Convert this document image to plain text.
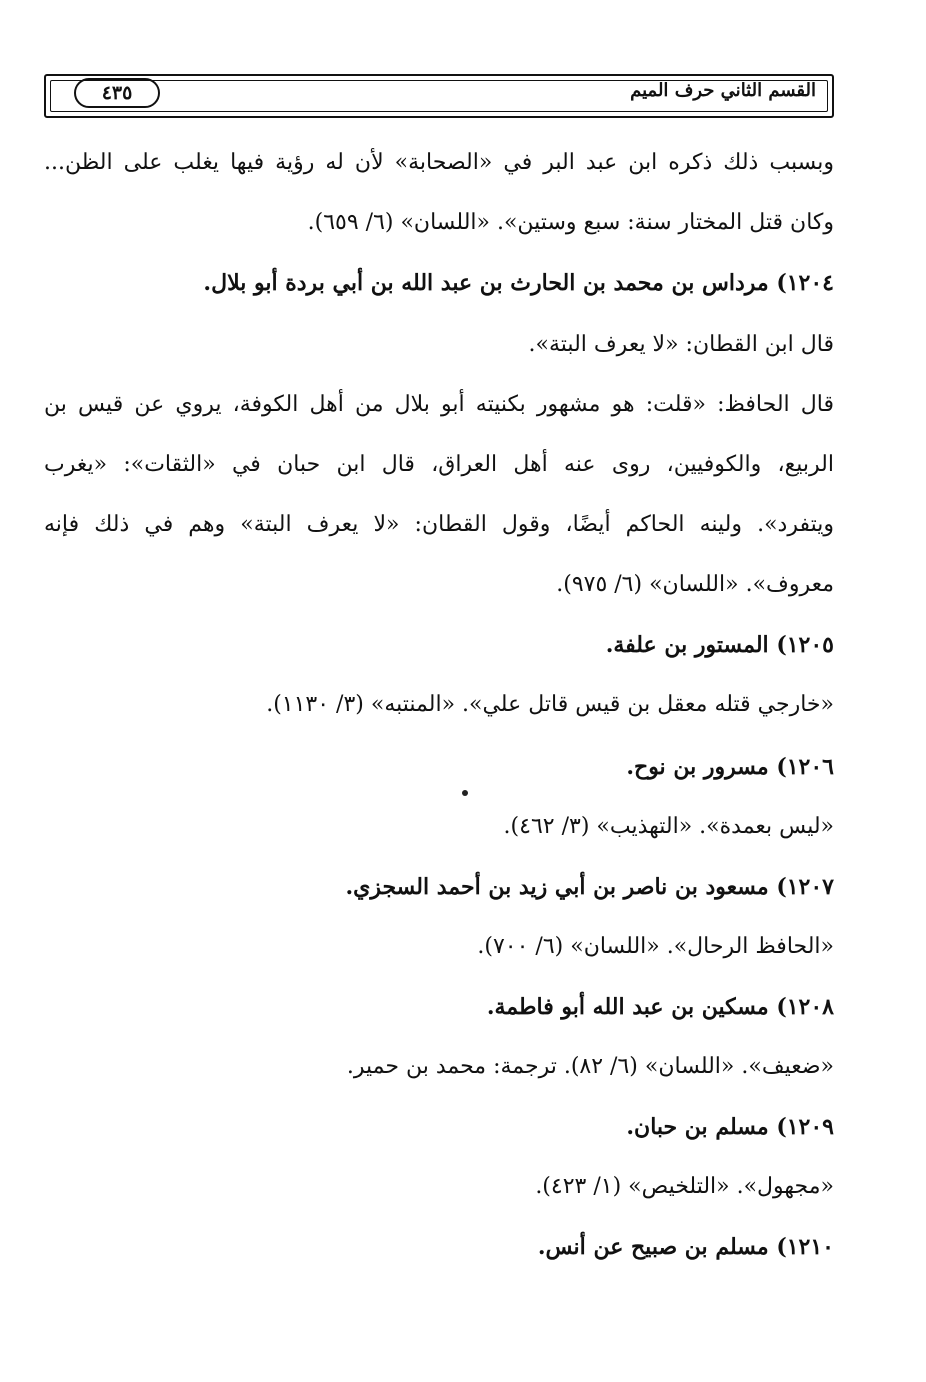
القسم الثاني حرف الميم
٤٣٥
وبسبب ذلك ذكره ابن عبد البر في «الصحابة» لأن له رؤية فيها يغلب على الظن...
وكان قتل المختار سنة: سبع وستين». «اللسان» (٦/ ٦٥٩).
١٢٠٤) مرداس بن محمد بن الحارث بن عبد الله بن أبي بردة أبو بلال.
قال ابن القطان: «لا يعرف البتة».
قال الحافظ: «قلت: هو مشهور بكنيته أبو بلال من أهل الكوفة، يروي عن قيس بن
الربيع، والكوفيين، روى عنه أهل العراق، قال ابن حبان في «الثقات»: «يغرب
ويتفرد». ولينه الحاكم أيضًا، وقول القطان: «لا يعرف البتة» وهم في ذلك فإنه
معروف». «اللسان» (٦/ ٩٧٥).
١٢٠٥) المستور بن علفة.
«خارجي قتله معقل بن قيس قاتل علي». «المنتبه» (٣/ ١١٣٠).
١٢٠٦) مسرور بن نوح.
«ليس بعمدة». «التهذيب» (٣/ ٤٦٢).
١٢٠٧) مسعود بن ناصر بن أبي زيد بن أحمد السجزي.
«الحافظ الرحال». «اللسان» (٦/ ٧٠٠).
١٢٠٨) مسكين بن عبد الله أبو فاطمة.
«ضعيف». «اللسان» (٦/ ٨٢). ترجمة: محمد بن حمير.
١٢٠٩) مسلم بن حبان.
«مجهول». «التلخيص» (١/ ٤٢٣).
١٢١٠) مسلم بن صبيح عن أنس.
